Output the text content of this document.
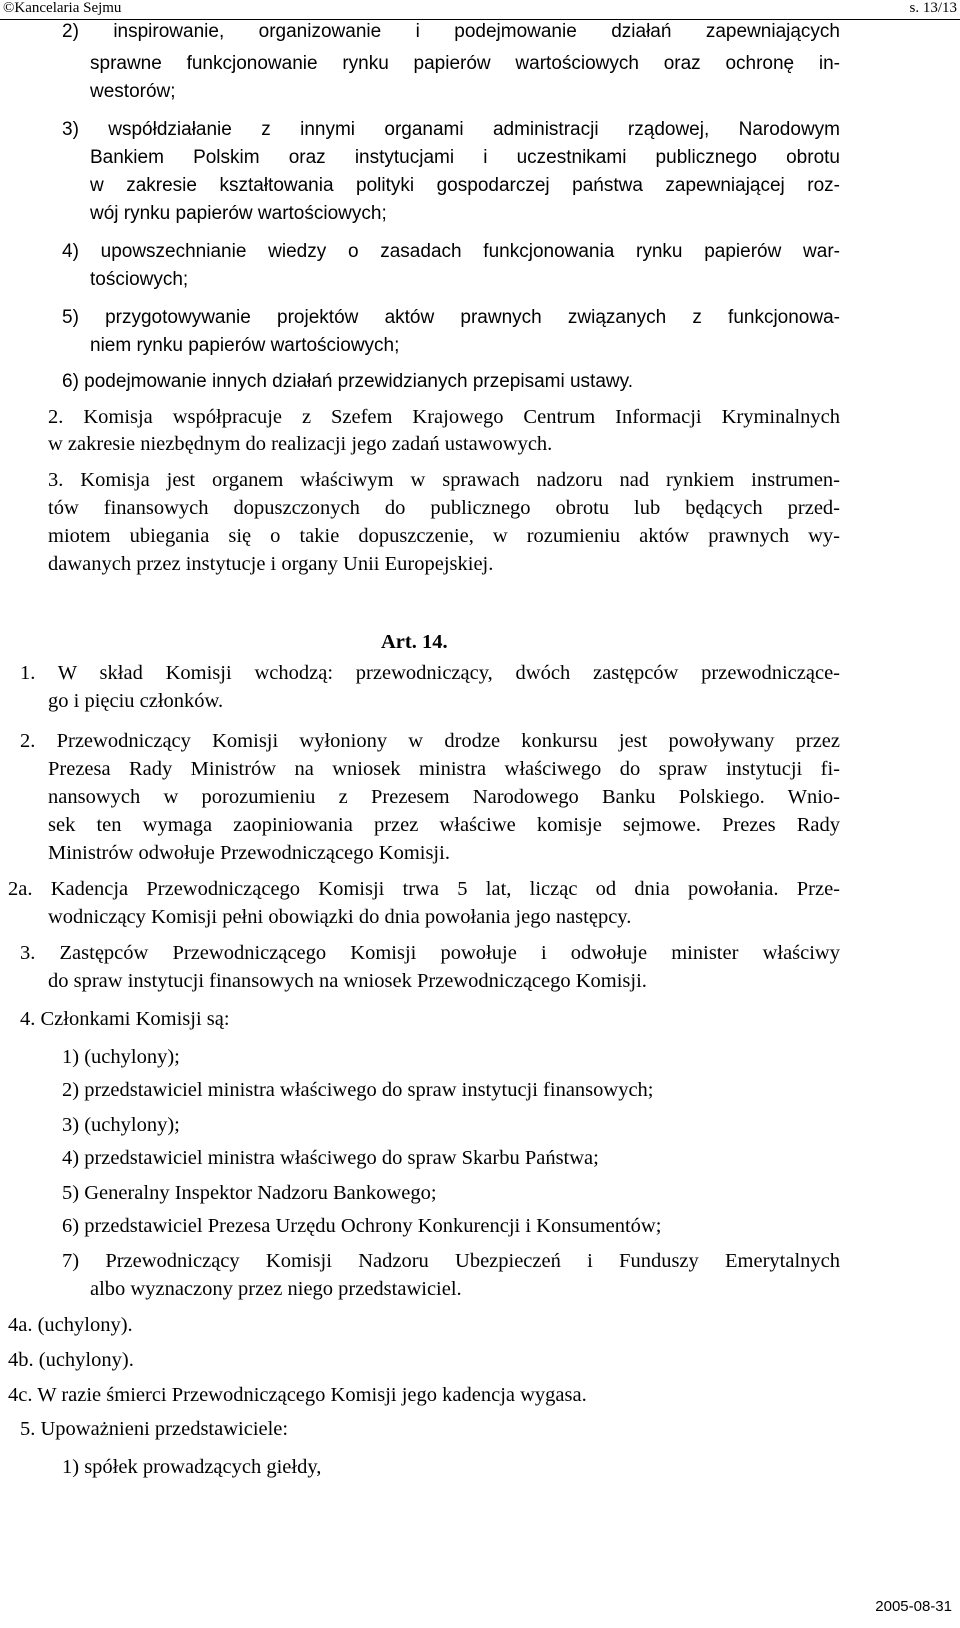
©Kancelaria Sejmu	s. 13/13
2) inspirowanie, organizowanie i podejmowanie działań zapewniających
sprawne funkcjonowanie rynku papierów wartościowych oraz ochronę in-
westorów;
3) współdziałanie z innymi organami administracji rządowej, Narodowym
Bankiem Polskim oraz instytucjami i uczestnikami publicznego obrotu
w zakresie kształtowania polityki gospodarczej państwa zapewniającej roz-
wój rynku papierów wartościowych;
4) upowszechnianie wiedzy o zasadach funkcjonowania rynku papierów war-
tościowych;
5) przygotowywanie projektów aktów prawnych związanych z funkcjonowa-
niem rynku papierów wartościowych;
6) podejmowanie innych działań przewidzianych przepisami ustawy.
2. Komisja współpracuje z Szefem Krajowego Centrum Informacji Kryminalnych
w zakresie niezbędnym do realizacji jego zadań ustawowych.
3. Komisja jest organem właściwym w sprawach nadzoru nad rynkiem instrumen-
tów finansowych dopuszczonych do publicznego obrotu lub będących przed-
miotem ubiegania się o takie dopuszczenie, w rozumieniu aktów prawnych wy-
dawanych przez instytucje i organy Unii Europejskiej.
Art. 14.
1. W skład Komisji wchodzą: przewodniczący, dwóch zastępców przewodniczące-
go i pięciu członków.
2. Przewodniczący Komisji wyłoniony w drodze konkursu jest powoływany przez
Prezesa Rady Ministrów na wniosek ministra właściwego do spraw instytucji fi-
nansowych w porozumieniu z Prezesem Narodowego Banku Polskiego. Wnio-
sek ten wymaga zaopiniowania przez właściwe komisje sejmowe. Prezes Rady
Ministrów odwołuje Przewodniczącego Komisji.
2a. Kadencja Przewodniczącego Komisji trwa 5 lat, licząc od dnia powołania. Prze-
wodniczący Komisji pełni obowiązki do dnia powołania jego następcy.
3. Zastępców Przewodniczącego Komisji powołuje i odwołuje minister właściwy
do spraw instytucji finansowych na wniosek Przewodniczącego Komisji.
4. Członkami Komisji są:
1) (uchylony);
2) przedstawiciel ministra właściwego do spraw instytucji finansowych;
3) (uchylony);
4) przedstawiciel ministra właściwego do spraw Skarbu Państwa;
5) Generalny Inspektor Nadzoru Bankowego;
6) przedstawiciel Prezesa Urzędu Ochrony Konkurencji i Konsumentów;
7) Przewodniczący Komisji Nadzoru Ubezpieczeń i Funduszy Emerytalnych
albo wyznaczony przez niego przedstawiciel.
4a. (uchylony).
4b. (uchylony).
4c. W razie śmierci Przewodniczącego Komisji jego kadencja wygasa.
5. Upoważnieni przedstawiciele:
1) spółek prowadzących giełdy,
2005-08-31
